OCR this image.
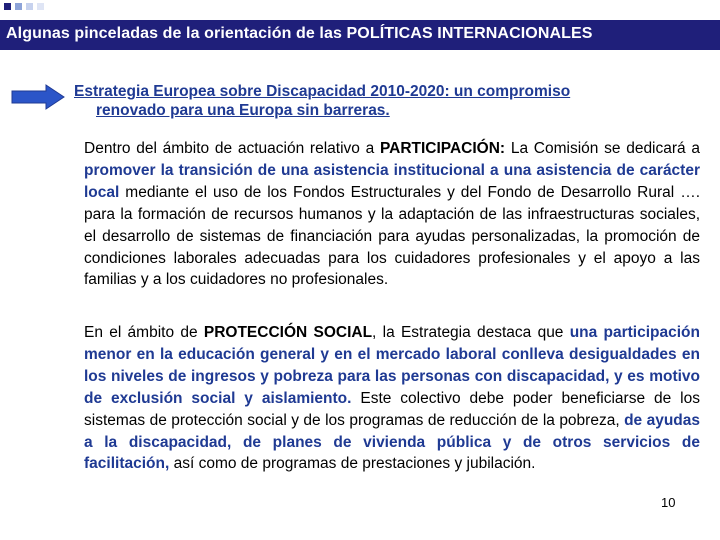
Algunas pinceladas de la orientación de las POLÍTICAS INTERNACIONALES
Estrategia Europea sobre Discapacidad 2010-2020: un compromiso
renovado para una Europa sin barreras.
Dentro del ámbito de actuación relativo a PARTICIPACIÓN: La Comisión se dedicará a promover la transición de una asistencia institucional a una asistencia de carácter local mediante el uso de los Fondos Estructurales y del Fondo de Desarrollo Rural …. para la formación de recursos humanos y la adaptación de las infraestructuras sociales, el desarrollo de sistemas de financiación para ayudas personalizadas, la promoción de condiciones laborales adecuadas para los cuidadores profesionales y el apoyo a las familias y a los cuidadores no profesionales.
En el ámbito de PROTECCIÓN SOCIAL, la Estrategia destaca que una participación menor en la educación general y en el mercado laboral conlleva desigualdades en los niveles de ingresos y pobreza para las personas con discapacidad, y es motivo de exclusión social y aislamiento. Este colectivo debe poder beneficiarse de los sistemas de protección social y de los programas de reducción de la pobreza, de ayudas a la discapacidad, de planes de vivienda pública y de otros servicios de facilitación, así como de programas de prestaciones y jubilación.
10
